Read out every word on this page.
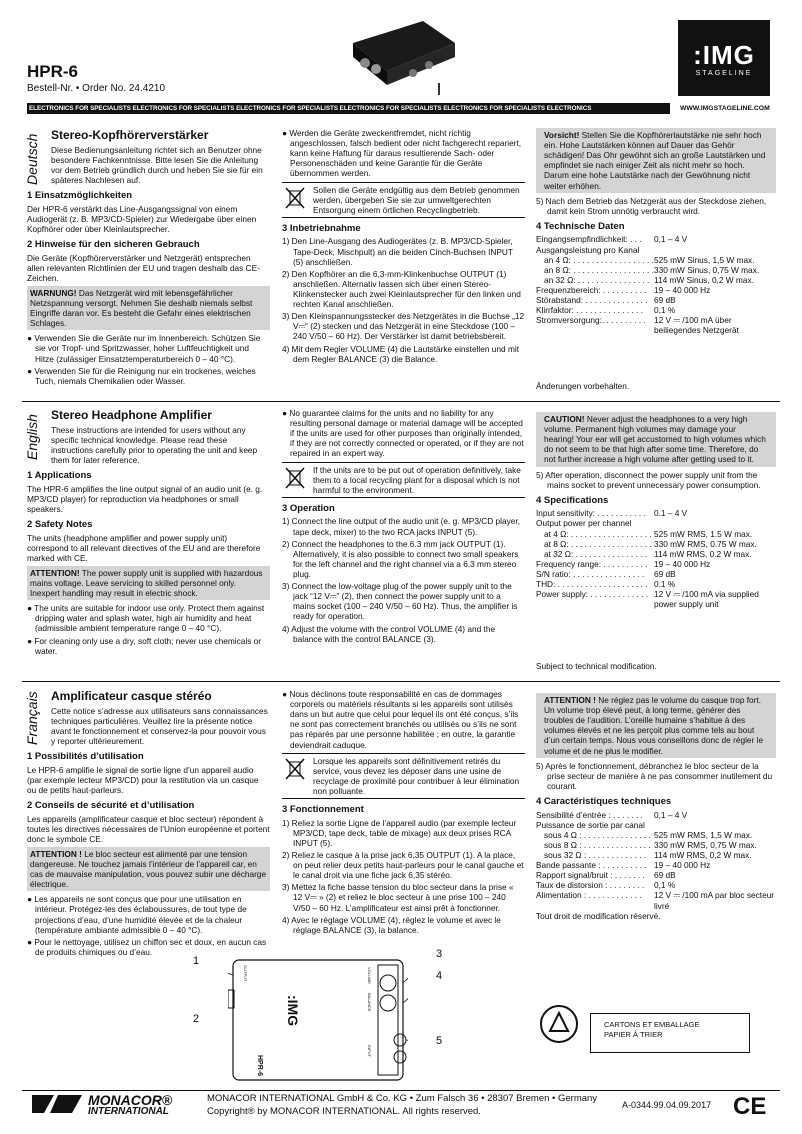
HPR-6
Bestell-Nr. • Order No. 24.4210
:IMG
STAGELINE
ELECTRONICS FOR SPECIALISTS ELECTRONICS FOR SPECIALISTS ELECTRONICS FOR SPECIALISTS ELECTRONICS FOR SPECIALISTS ELECTRONICS FOR SPECIALISTS ELECTRONICS	WWW.IMGSTAGELINE.COM
Deutsch Stereo-Kopfhörerverstärker

Diese Bedienungsanleitung richtet sich an Benutzer ohne besondere Fachkenntnisse. Bitte lesen Sie die Anleitung vor dem Betrieb gründlich durch und heben Sie sie für ein späteres Nachlesen auf.

1 Einsatzmöglichkeiten

Der HPR-6 verstärkt das Line-Ausgangssignal von einem Audiogerät (z. B. MP3/CD-Spieler) zur Wiedergabe über einen Kopfhörer oder über Kleinlautsprecher.

2 Hinweise für den sicheren Gebrauch

Die Geräte (Kopfhörerverstärker und Netzgerät) entsprechen allen relevanten Richtlinien der EU und tragen deshalb das CE-Zeichen.

WARNUNG! Das Netzgerät wird mit lebensgefährlicher Netzspannung versorgt. Nehmen Sie deshalb niemals selbst Eingriffe daran vor. Es besteht die Gefahr eines elektrischen Schlages.

● Verwenden Sie die Geräte nur im Innenbereich. Schützen Sie sie vor Tropf- und Spritzwasser, hoher Luftfeuchtigkeit und Hitze (zulässiger Einsatztemperaturbereich 0 – 40 °C).

● Verwenden Sie für die Reinigung nur ein trockenes, weiches Tuch, niemals Chemikalien oder Wasser.

● Werden die Geräte zweckentfremdet, nicht richtig angeschlossen, falsch bedient oder nicht fachgerecht repariert, kann keine Haftung für daraus resultierende Sach- oder Personenschäden und keine Garantie für die Geräte übernommen werden.

Sollen die Geräte endgültig aus dem Betrieb genommen werden, übergeben Sie sie zur umweltgerechten Entsorgung einem örtlichen Recyclingbetrieb.
3 Inbetriebnahme

1) Den Line-Ausgang des Audiogerätes (z. B. MP3/CD-Spieler, Tape-Deck, Mischpult) an die beiden Cinch-Buchsen INPUT (5) anschließen.

2) Den Kopfhörer an die 6,3-mm-Klinkenbuchse OUTPUT (1) anschließen. Alternativ lassen sich über einen Stereo-Klinkenstecker auch zwei Kleinlautsprecher für den linken und rechten Kanal anschließen.

3) Den Kleinspannungsstecker des Netzgerätes in die Buchse „12 V⎓“ (2) stecken und das Netzgerät in eine Steckdose (100 – 240 V/50 – 60 Hz). Der Verstärker ist damit betriebsbereit.

4) Mit dem Regler VOLUME (4) die Lautstärke einstellen und mit dem Regler BALANCE (3) die Balance.

Vorsicht! Stellen Sie die Kopfhörerlautstärke nie sehr hoch ein. Hohe Lautstärken können auf Dauer das Gehör schädigen! Das Ohr gewöhnt sich an große Lautstärken und empfindet sie nach einiger Zeit als nicht mehr so hoch. Darum eine hohe Lautstärke nach der Gewöhnung nicht weiter erhöhen.

5) Nach dem Betrieb das Netzgerät aus der Steckdose ziehen, damit kein Strom unnötig verbraucht wird.

4 Technische Daten
Eingangsempfindlichkeit: . . .	0,1 – 4 V
Ausgangsleistung pro Kanal
an 4 Ω: . . . . . . . . . . . . . . . . . . 525 mW Sinus, 1,5 W max.
an 8 Ω: . . . . . . . . . . . . . . . . . . 330 mW Sinus, 0,75 W max.
an 32 Ω: . . . . . . . . . . . . . . . . 114 mW Sinus, 0,2 W max.
Frequenzbereich: . . . . . . . . . . 19 – 40 000 Hz
Störabstand: . . . . . . . . . . . . . . 69 dB
Klirrfaktor: . . . . . . . . . . . . . . .	0,1 %
Stromversorgung:. . . . . . . . . . 12 V ⎓ /100 mA über beiliegendes Netzgerät

Änderungen vorbehalten.

English Stereo Headphone Amplifier

These instructions are intended for users without any specific technical knowledge. Please read these instructions carefully prior to operating the unit and keep them for later reference.

1 Applications

The HPR-6 amplifies the line output signal of an audio unit (e. g. MP3/CD player) for reproduction via headphones or small speakers.

2 Safety Notes

The units (headphone amplifier and power supply unit) correspond to all relevant directives of the EU and are therefore marked with CE.

ATTENTION! The power supply unit is supplied with hazardous mains voltage. Leave servicing to skilled personnel only. Inexpert handling may result in electric shock.

● The units are suitable for indoor use only. Protect them against dripping water and splash water, high air humidity and heat (admissible ambient temperature range 0 – 40 °C).

● For cleaning only use a dry, soft cloth; never use chemicals or water.

● No guarantee claims for the units and no liability for any resulting personal damage or material damage will be accepted if the units are used for other purposes than originally intended, if they are not correctly connected or operated, or if they are not repaired in an expert way.

If the units are to be put out of operation definitively, take them to a local recycling plant for a disposal which is not harmful to the environment.
3 Operation

1) Connect the line output of the audio unit (e. g. MP3/CD player, tape deck, mixer) to the two RCA jacks INPUT (5).

2) Connect the headphones to the 6.3 mm jack OUTPUT (1). Alternatively, it is also possible to connect two small speakers for the left channel and the right channel via a 6.3 mm stereo plug.

3) Connect the low-voltage plug of the power supply unit to the jack “12 V⎓” (2), then connect the power supply unit to a mains socket (100 – 240 V/50 – 60 Hz). Thus, the amplifier is ready for operation.

4) Adjust the volume with the control VOLUME (4) and the balance with the control BALANCE (3).

CAUTION! Never adjust the headphones to a very high volume. Permanent high volumes may damage your hearing! Your ear will get accustomed to high volumes which do not seem to be that high after some time. Therefore, do not further increase a high volume after getting used to it.

5) After operation, disconnect the power supply unit from the mains socket to prevent unnecessary power consumption.

4 Specifications
Input sensitivity: . . . . . . . . . . . 0.1 – 4 V
Output power per channel
at 4 Ω: . . . . . . . . . . . . . . . . . . 525 mW RMS, 1.5 W max.
at 8 Ω: . . . . . . . . . . . . . . . . . . 330 mW RMS, 0.75 W max.
at 32 Ω: . . . . . . . . . . . . . . . . 114 mW RMS, 0.2 W max.
Frequency range: . . . . . . . . . . 19 – 40 000 Hz
S/N ratio: . . . . . . . . . . . . . . . .	69 dB
THD: . . . . . . . . . . . . . . . . . . . . 0.1 %
Power supply: . . . . . . . . . . . . . 12 V ⎓ /100 mA via supplied power supply unit

Subject to technical modification.

Français Amplificateur casque stéréo

Cette notice s’adresse aux utilisateurs sans connaissances techniques particulières. Veuillez lire la présente notice avant le fonctionnement et conservez-la pour pouvoir vous y reporter ultérieurement.

1 Possibilités d’utilisation

Le HPR-6 amplifie le signal de sortie ligne d’un appareil audio (par exemple lecteur MP3/CD) pour la restitution via un casque ou de petits haut-parleurs.

2 Conseils de sécurité et d’utilisation

Les appareils (amplificateur casque et bloc secteur) répondent à toutes les directives nécessaires de l’Union européenne et portent donc le symbole CE.

ATTENTION ! Le bloc secteur est alimenté par une tension dangereuse. Ne touchez jamais l’intérieur de l’appareil car, en cas de mauvaise manipulation, vous pouvez subir une décharge électrique.

● Les appareils ne sont conçus que pour une utilisation en intérieur. Protégez-les des éclaboussures, de tout type de projections d’eau, d’une humidité élevée et de la chaleur (température ambiante admissible 0 – 40 °C).

● Pour le nettoyage, utilisez un chiffon sec et doux, en aucun cas de produits chimiques ou d’eau.

● Nous déclinons toute responsabilité en cas de dommages corporels ou matériels résultants si les appareils sont utilisés dans un but autre que celui pour lequel ils ont été conçus, s’ils ne sont pas correctement branchés ou utilisés ou s’ils ne sont pas réparés par une personne habilitée ; en outre, la garantie deviendrait caduque.

Lorsque les appareils sont définitivement retirés du service, vous devez les déposer dans une usine de recyclage de proximité pour contribuer à leur élimination non polluante.
3 Fonctionnement

1) Reliez la sortie Ligne de l’appareil audio (par exemple lecteur MP3/CD, tape deck, table de mixage) aux deux prises RCA INPUT (5).

2) Reliez le casque à la prise jack 6,35 OUTPUT (1). A la place, on peut relier deux petits haut-parleurs pour le canal gauche et le canal droit via une fiche jack 6,35 stéréo.

3) Mettez la fiche basse tension du bloc secteur dans la prise « 12 V⎓ » (2) et reliez le bloc secteur à une prise 100 – 240 V/50 – 60 Hz. L’amplificateur est ainsi prêt à fonctionner.

4) Avec le réglage VOLUME (4), réglez le volume et avec le réglage BALANCE (3), la balance.

ATTENTION ! Ne réglez pas le volume du casque trop fort. Un volume trop élevé peut, à long terme, générer des troubles de l’audition. L’oreille humaine s’habitue à des volumes élevés et ne les perçoit plus comme tels au bout d’un certain temps. Nous vous conseillons donc de régler le volume et de ne plus le modifier.

5) Après le fonctionnement, débranchez le bloc secteur de la prise secteur de manière à ne pas consommer inutilement du courant.

4 Caractéristiques techniques
Sensibilité d’entrée : . . . . . . .	0,1 – 4 V
Puissance de sortie par canal
sous 4 Ω : . . . . . . . . . . . . . . . 525 mW RMS, 1,5 W max.
sous 8 Ω : . . . . . . . . . . . . . . . 330 mW RMS, 0,75 W max.
sous 32 Ω : . . . . . . . . . . . . . 114 mW RMS, 0,2 W max.
Bande passante : . . . . . . . . . . 19 – 40 000 Hz
Rapport signal/bruit : . . . . . . .	69 dB
Taux de distorsion : . . . . . . . .	0,1 %
Alimentation : . . . . . . . . . . . .	12 V ⎓ /100 mA par bloc secteur livré

Tout droit de modification réservé.

CARTONS ET EMBALLAGE
PAPIER À TRIER
1
2
3
4
5
:IMG
HPR-6
OUTPUT	VOLUME
BALANCE
INPUT
MONACOR®
INTERNATIONAL
MONACOR INTERNATIONAL GmbH & Co. KG • Zum Falsch 36 • 28307 Bremen • Germany
Copyright® by MONACOR INTERNATIONAL. All rights reserved.
A-0344.99.04.09.2017 CE
